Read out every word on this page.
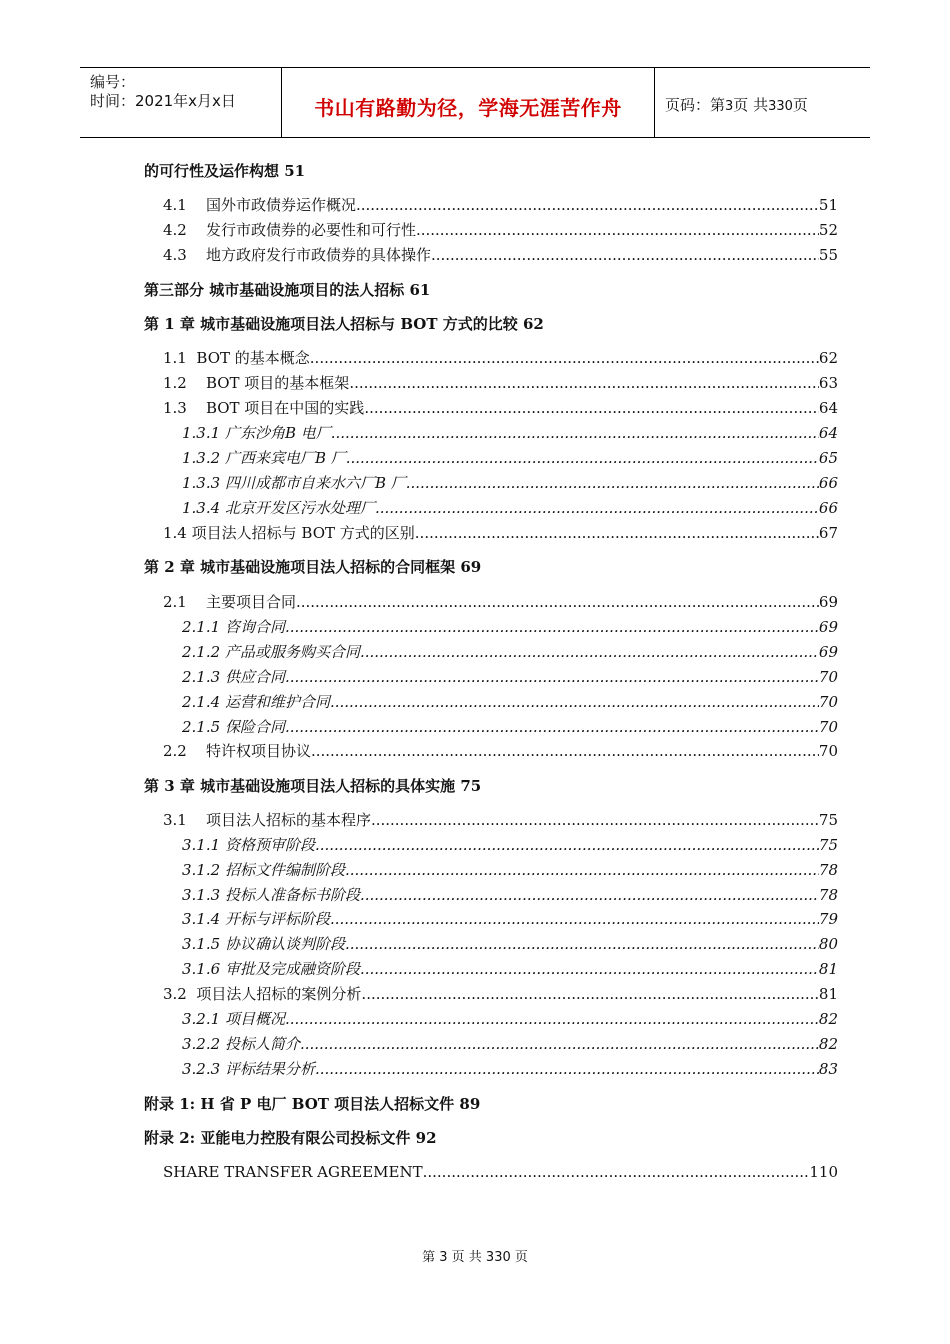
编号：
时间：2021年x月x日	书山有路勤为径，学海无涯苦作舟	页码：第3页 共330页
的可行性及运作构想 51
第三部分 城市基础设施项目的法人招标 61
第 1 章 城市基础设施项目法人招标与 BOT 方式的比较 62
第 2 章 城市基础设施项目法人招标的合同框架 69
第 3 章 城市基础设施项目法人招标的具体实施 75
附录 1: H 省 P 电厂 BOT 项目法人招标文件 89
附录 2: 亚能电力控股有限公司投标文件 92
4.1 国外市政债券运作概况 .....	51
4.2 发行市政债券的必要性和可行性 .....	52
4.3 地方政府发行市政债券的具体操作 .....	55
1.1 BOT 的基本概念 .....	62
1.2 BOT 项目的基本框架 .....	63
1.3 BOT 项目在中国的实践 .....	64
1.3.1 广东沙角B 电厂 .....	64
1.3.2 广西来宾电厂B 厂 .....	65
1.3.3 四川成都市自来水六厂B 厂 .....	66
1.3.4 北京开发区污水处理厂 .....	66
1.4 项目法人招标与 BOT 方式的区别 .....	67
2.1 主要项目合同 .....	69
2.1.1 咨询合同 .....	69
2.1.2 产品或服务购买合同 .....	69
2.1.3 供应合同 .....	70
2.1.4 运营和维护合同 .....	70
2.1.5 保险合同 .....	70
2.2 特许权项目协议 .....	70
3.1 项目法人招标的基本程序 .....	75
3.1.1 资格预审阶段 .....	75
3.1.2 招标文件编制阶段 .....	78
3.1.3 投标人准备标书阶段 .....	78
3.1.4 开标与评标阶段 .....	79
3.1.5 协议确认谈判阶段 .....	80
3.1.6 审批及完成融资阶段 .....	81
3.2 项目法人招标的案例分析 .....	81
3.2.1 项目概况 .....	82
3.2.2 投标人简介 .....	82
3.2.3 评标结果分析 .....	83
SHARE TRANSFER AGREEMENT .....	110
第 3 页 共 330 页
